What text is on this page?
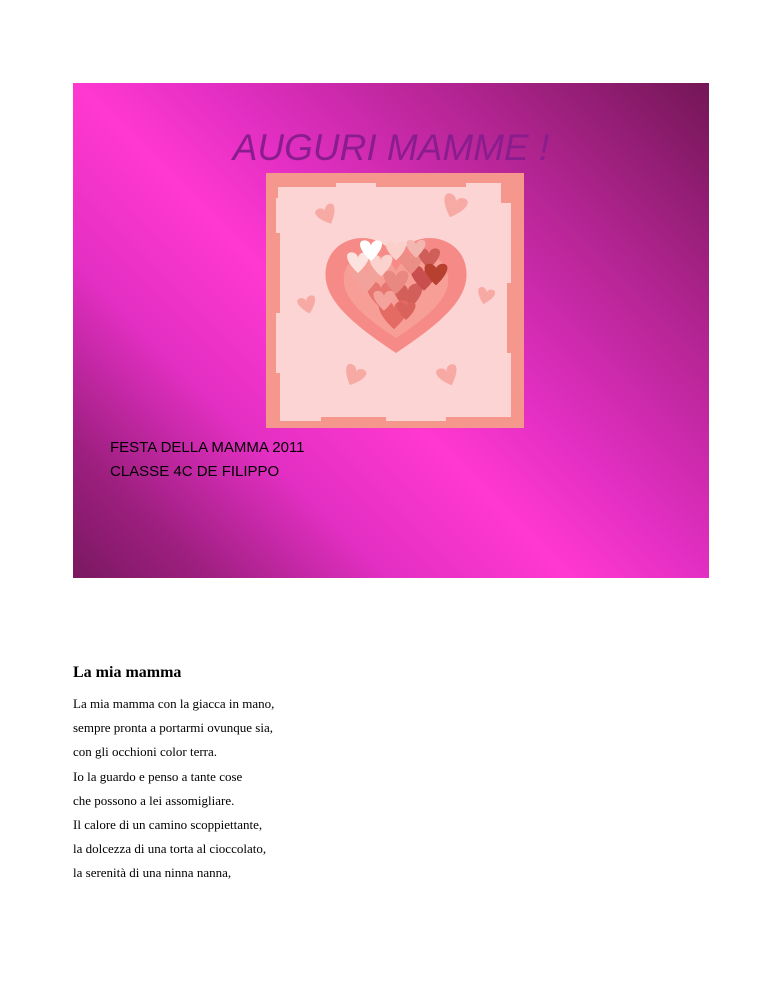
AUGURI MAMME !
FESTA DELLA MAMMA 2011
CLASSE 4C DE FILIPPO
La mia mamma
La mia mamma con la giacca in mano,
sempre pronta a portarmi ovunque sia,
con gli occhioni color terra.
Io la guardo e penso a tante cose
che possono a lei assomigliare.
Il calore di un camino scoppiettante,
la dolcezza di una torta al cioccolato,
la serenità di una ninna nanna,
